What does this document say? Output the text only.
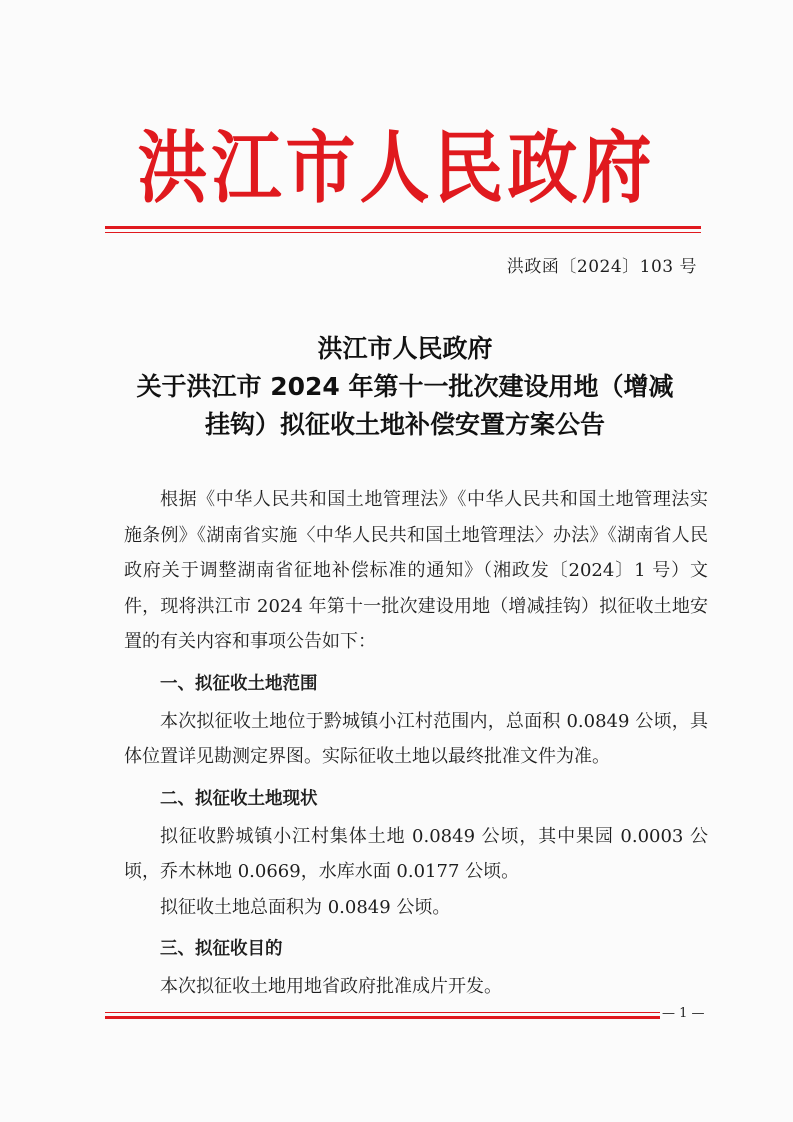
洪江市人民政府
洪政函〔2024〕103 号
洪江市人民政府
关于洪江市 2024 年第十一批次建设用地（增减
挂钩）拟征收土地补偿安置方案公告

根据《中华人民共和国土地管理法》《中华人民共和国土地管理法实施条例》《湖南省实施〈中华人民共和国土地管理法〉办法》《湖南省人民政府关于调整湖南省征地补偿标准的通知》（湘政发〔2024〕1 号）文件，现将洪江市 2024 年第十一批次建设用地（增减挂钩）拟征收土地安置的有关内容和事项公告如下：

一、拟征收土地范围

本次拟征收土地位于黔城镇小江村范围内，总面积 0.0849 公顷，具体位置详见勘测定界图。实际征收土地以最终批准文件为准。

二、拟征收土地现状

拟征收黔城镇小江村集体土地 0.0849 公顷，其中果园 0.0003 公顷，乔木林地 0.0669，水库水面 0.0177 公顷。

拟征收土地总面积为 0.0849 公顷。

三、拟征收目的

本次拟征收土地用地省政府批准成片开发。

— 1 —
